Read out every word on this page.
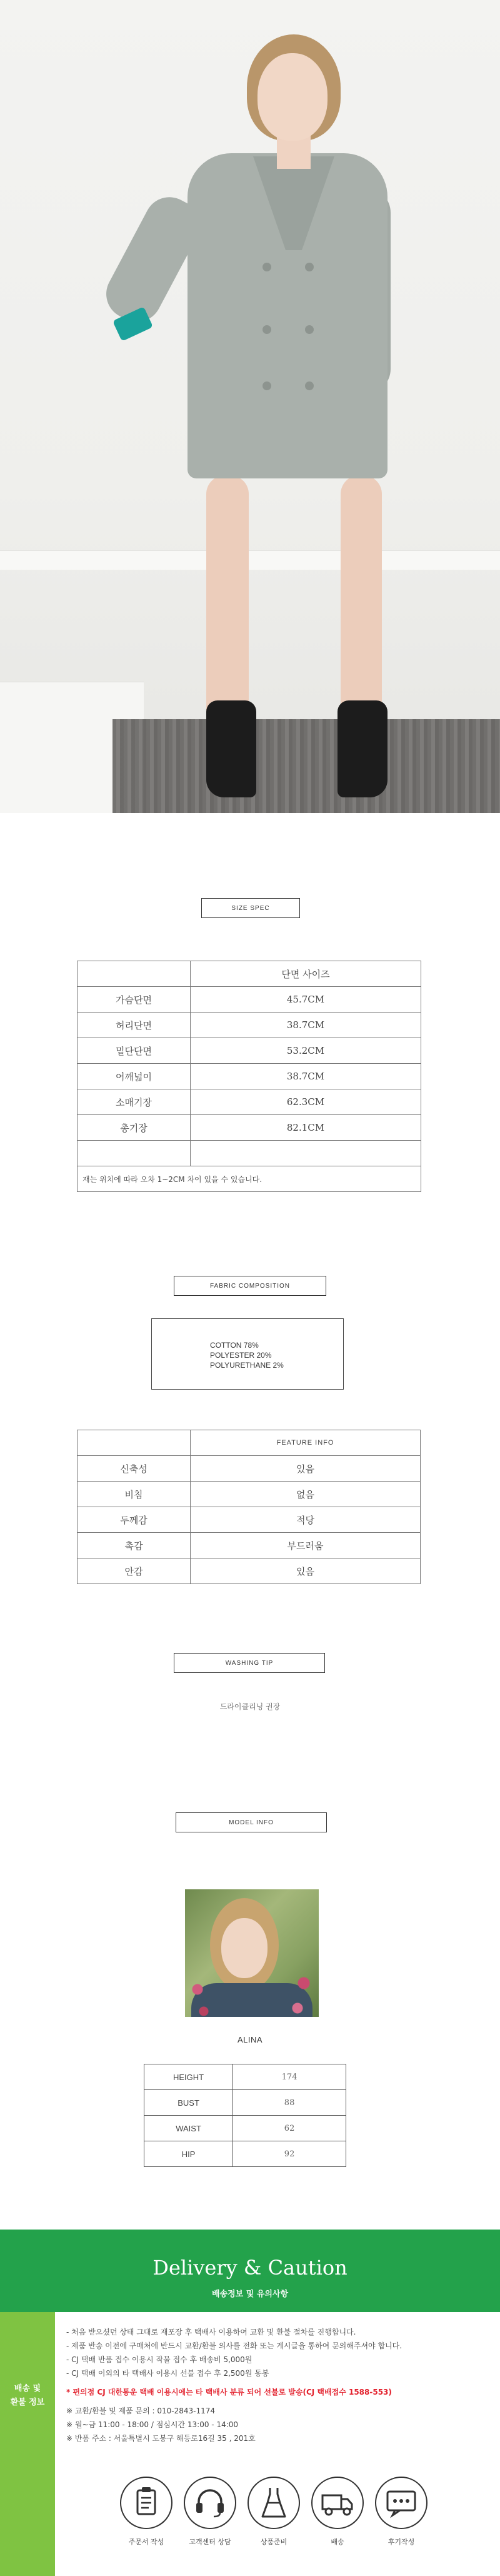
SIZE SPEC
	단면 사이즈
가슴단면	45.7CM
허리단면	38.7CM
밑단단면	53.2CM
어깨넓이	38.7CM
소매기장	62.3CM
총기장	82.1CM

재는 위치에 따라 오차 1~2CM 차이 있을 수 있습니다.	
FABRIC COMPOSITION
COTTON 78%
POLYESTER 20%
POLYURETHANE 2%
	FEATURE INFO
신축성	있음
비침	없음
두께감	적당
촉감	부드러움
안감	있음
WASHING TIP
드라이클리닝 권장
MODEL INFO
ALINA
HEIGHT	174
BUST	88
WAIST	62
HIP	92
Delivery & Caution
배송정보 및 유의사항
배송 및
환불 정보
- 처음 받으셨던 상태 그대로 재포장 후 택배사 이용하여 교환 및 환불 절차를 진행합니다.
- 제품 반송 이전에 구매처에 반드시 교환/환불 의사를 전화 또는 게시글을 통하여 문의해주셔야 합니다.
- CJ 택배 반품 접수 이용시 작물 접수 후 배송비 5,000원
- CJ 택배 이외의 타 택배사 이용시 선불 접수 후 2,500원 동봉
* 편의점 CJ 대한통운 택배 이용시에는 타 택배사 분류 되어 선불로 발송(CJ 택배접수 1588-553)
※ 교환/환불 및 제품 문의 : 010-2843-1174
※ 월~금 11:00 - 18:00 / 점심시간 13:00 - 14:00
※ 반품 주소 : 서울특별시 도봉구 해등로16길 35 , 201호
주문서 작성	고객센터 상담	상품준비	배송	후기작성
